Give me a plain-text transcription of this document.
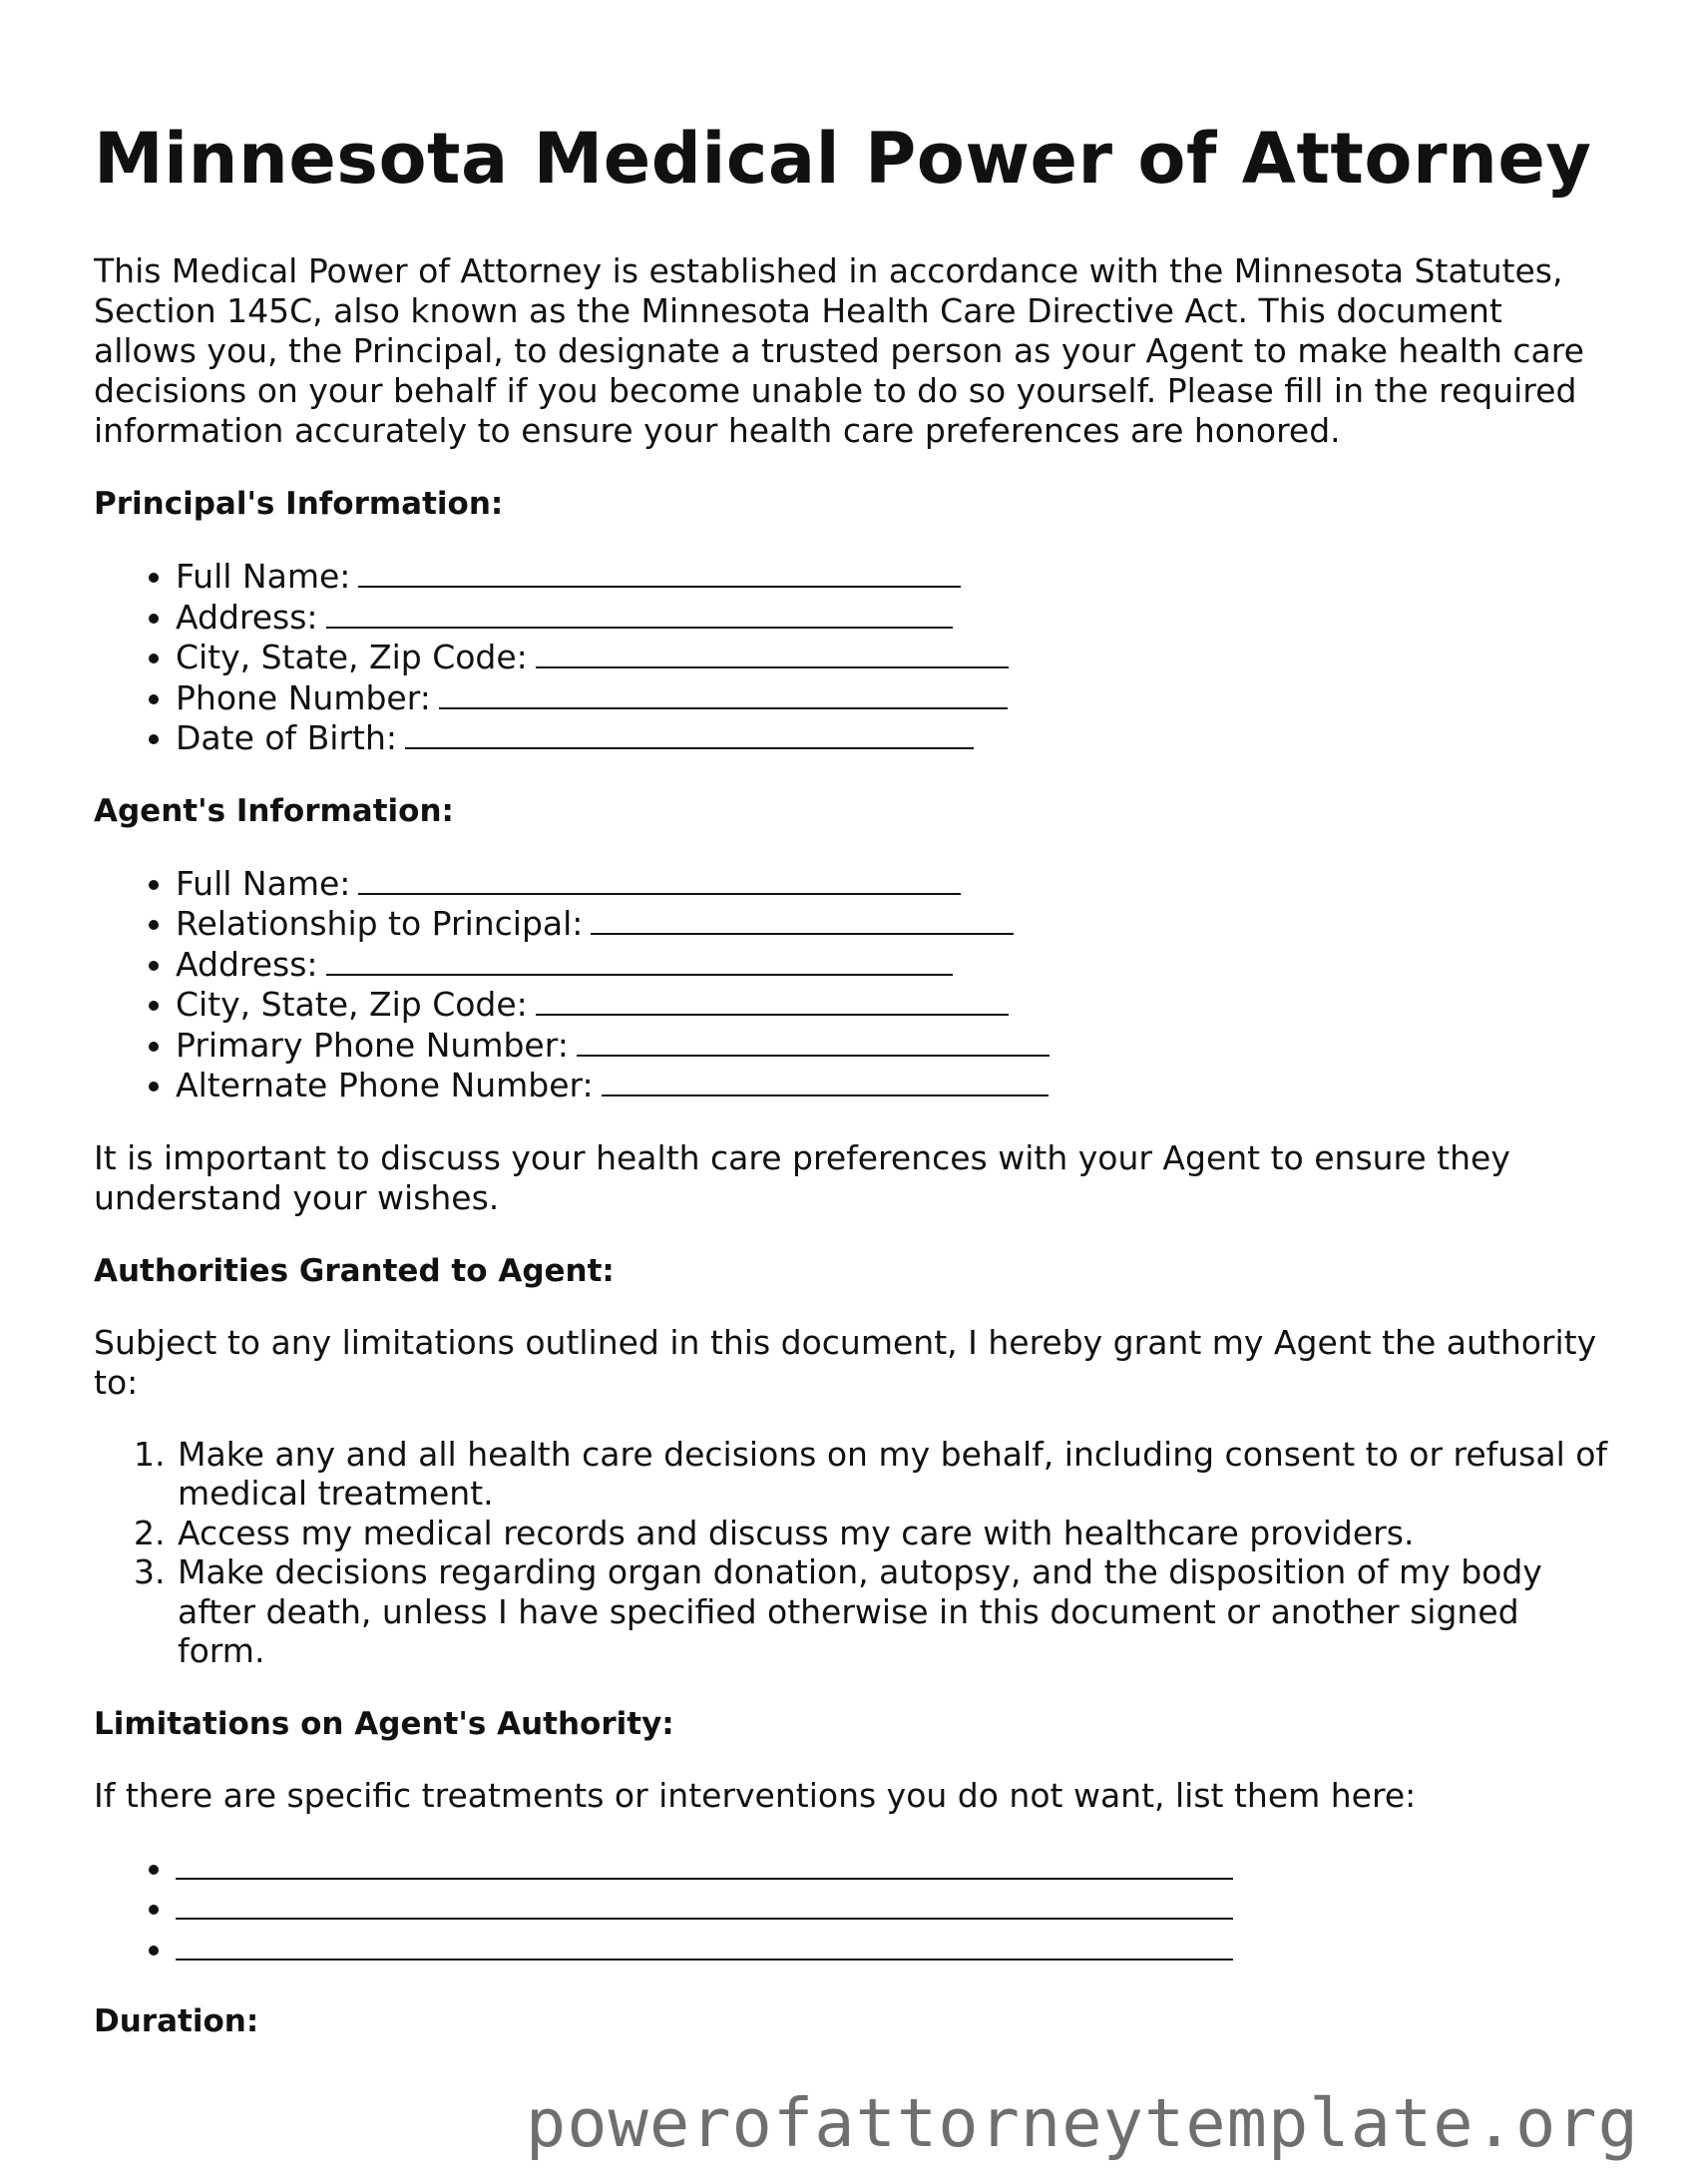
Minnesota Medical Power of Attorney

This Medical Power of Attorney is established in accordance with the Minnesota Statutes, Section 145C, also known as the Minnesota Health Care Directive Act. This document allows you, the Principal, to designate a trusted person as your Agent to make health care decisions on your behalf if you become unable to do so yourself. Please fill in the required information accurately to ensure your health care preferences are honored.

Principal's Information:
• Full Name:
• Address:
• City, State, Zip Code:
• Phone Number:
• Date of Birth:
Agent's Information:
• Full Name:
• Relationship to Principal:
• Address:
• City, State, Zip Code:
• Primary Phone Number:
• Alternate Phone Number:

It is important to discuss your health care preferences with your Agent to ensure they understand your wishes.

Authorities Granted to Agent:

Subject to any limitations outlined in this document, I hereby grant my Agent the authority to:

1. Make any and all health care decisions on my behalf, including consent to or refusal of medical treatment.
2. Access my medical records and discuss my care with healthcare providers.
3. Make decisions regarding organ donation, autopsy, and the disposition of my body after death, unless I have specified otherwise in this document or another signed form.
Limitations on Agent's Authority:

If there are specific treatments or interventions you do not want, list them here:

•
•
•
Duration:
powerofattorneytemplate.org
